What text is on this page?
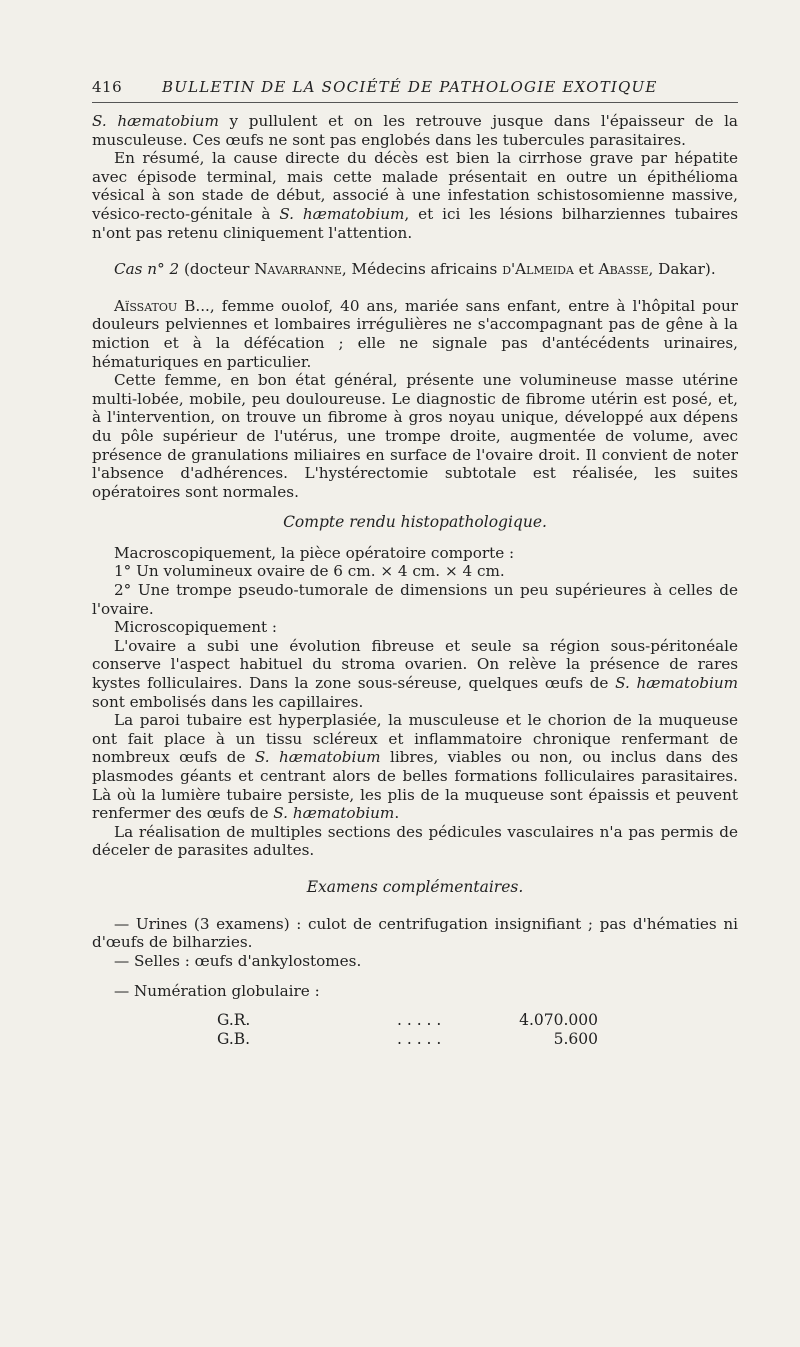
416	BULLETIN DE LA SOCIÉTÉ DE PATHOLOGIE EXOTIQUE

S. hæmatobium y pullulent et on les retrouve jusque dans l'épaisseur de la musculeuse. Ces œufs ne sont pas englobés dans les tubercules parasitaires.

En résumé, la cause directe du décès est bien la cirrhose grave par hépatite avec épisode terminal, mais cette malade présentait en outre un épithélioma vésical à son stade de début, associé à une infestation schistosomienne massive, vésico-recto-génitale à S. hæmatobium, et ici les lésions bilharziennes tubaires n'ont pas retenu cliniquement l'attention.

Cas n° 2 (docteur Navarranne, Médecins africains d'Almeida et Abasse, Dakar).

Aïssatou B..., femme ouolof, 40 ans, mariée sans enfant, entre à l'hôpital pour douleurs pelviennes et lombaires irrégulières ne s'accompagnant pas de gêne à la miction et à la défécation ; elle ne signale pas d'antécédents urinaires, hématuriques en particulier.

Cette femme, en bon état général, présente une volumineuse masse utérine multi-lobée, mobile, peu douloureuse. Le diagnostic de fibrome utérin est posé, et, à l'intervention, on trouve un fibrome à gros noyau unique, développé aux dépens du pôle supérieur de l'utérus, une trompe droite, augmentée de volume, avec présence de granulations miliaires en surface de l'ovaire droit. Il convient de noter l'absence d'adhérences. L'hystérectomie subtotale est réalisée, les suites opératoires sont normales.

Compte rendu histopathologique.

Macroscopiquement, la pièce opératoire comporte :

1° Un volumineux ovaire de 6 cm. × 4 cm. × 4 cm.

2° Une trompe pseudo-tumorale de dimensions un peu supérieures à celles de l'ovaire.

Microscopiquement :

L'ovaire a subi une évolution fibreuse et seule sa région sous-péritonéale conserve l'aspect habituel du stroma ovarien. On relève la présence de rares kystes folliculaires. Dans la zone sous-séreuse, quelques œufs de S. hæmatobium sont embolisés dans les capillaires.

La paroi tubaire est hyperplasiée, la musculeuse et le chorion de la muqueuse ont fait place à un tissu scléreux et inflammatoire chronique renfermant de nombreux œufs de S. hæmatobium libres, viables ou non, ou inclus dans des plasmodes géants et centrant alors de belles formations folliculaires parasitaires. Là où la lumière tubaire persiste, les plis de la muqueuse sont épaissis et peuvent renfermer des œufs de S. hæmatobium.

La réalisation de multiples sections des pédicules vasculaires n'a pas permis de déceler de parasites adultes.

Examens complémentaires.

— Urines (3 examens) : culot de centrifugation insignifiant ; pas d'hématies ni d'œufs de bilharzies.

— Selles : œufs d'ankylostomes.

— Numération globulaire :

G.R.	. . . . .	4.070.000
G.B.	. . . . .	5.600
